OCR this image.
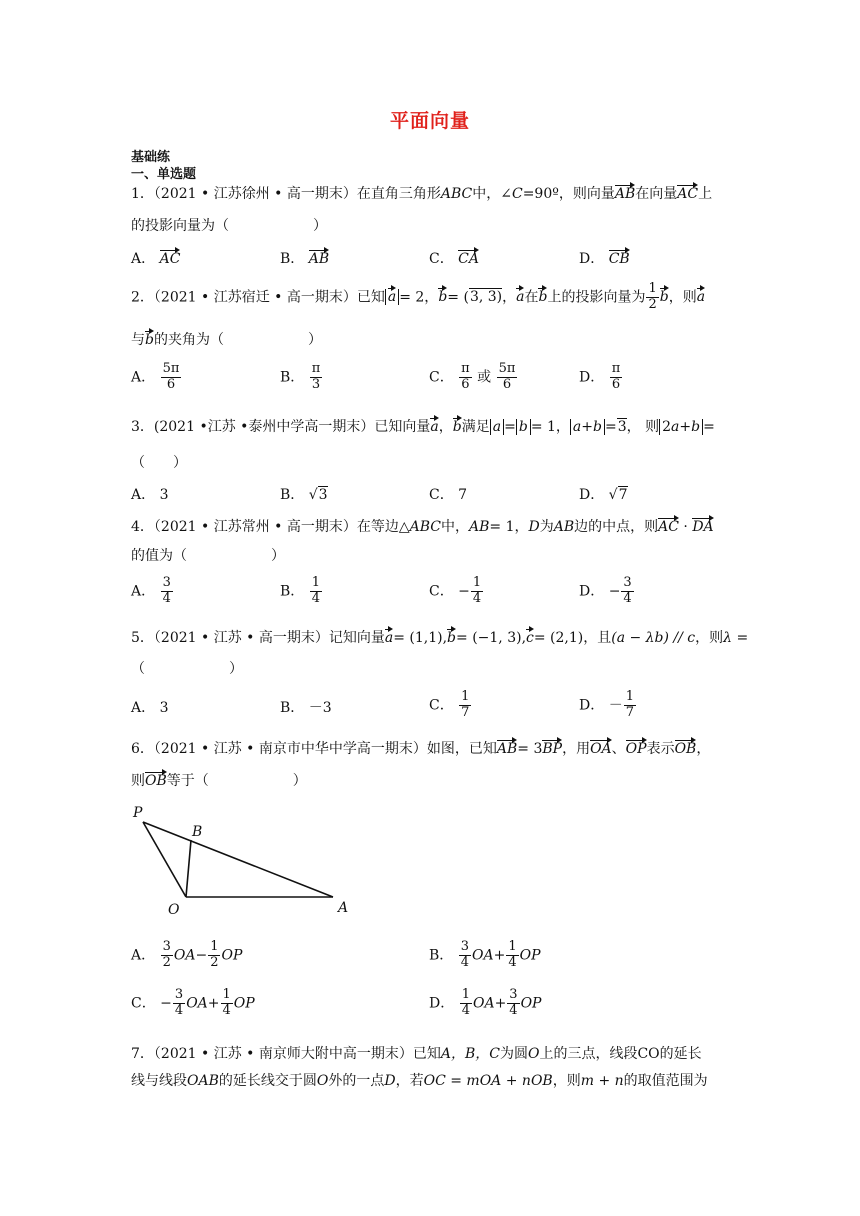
平面向量
基础练
一、单选题
1．（2021 • 江苏徐州 • 高一期末）在直角三角形ABC中，∠C=90º，则向量AB在向量AC上
的投影向量为（　　　　　　）
A． AC	B． AB	C． CA	D． CB
2．（2021 • 江苏宿迁 • 高一期末）已知 a = 2，b= (3, 3)，a在b上的投影向量为 $\frac{1}{2}$ b，则a
与b的夹角为（　　　　　　）
A． $\frac{5\pi}{6}$	B． $\frac{\pi}{3}$	C． $\frac{\pi}{6}$ 或 $\frac{5\pi}{6}$	D． $\frac{\pi}{6}$
3．(2021 •江苏 •泰州中学高一期末）已知向量a，b满足 a = b = 1， a+b =3， 则 2a+b =
（　　）
A． 3	B． √3	C． 7	D． √7
4．（2021 • 江苏常州 • 高一期末）在等边△ABC中，AB= 1，D为AB边的中点，则AC · DA
的值为（　　　　　　）
A． $\frac{3}{4}$	B． $\frac{1}{4}$	C． − $\frac{1}{4}$	D． − $\frac{3}{4}$
5．（2021 • 江苏 • 高一期末）记知向量a= (1,1),b= (−1, 3),c= (2,1)，且(a − λb) // c，则λ =
（　　　　　　）
A． 3	B． －3	C． $\frac{1}{7}$	D． － $\frac{1}{7}$
6．（2021 • 江苏 • 南京市中华中学高一期末）如图，已知AB= 3BP，用OA、OP表示OB，
则OB等于（　　　　　　）
P
B
O	A
A． $\frac{3}{2} OA- \frac{1}{2}$ OP	B． $\frac{3}{4} OA+ \frac{1}{4}$ OP
C． − $\frac{3}{4} OA+ \frac{1}{4}$ OP	D． $\frac{1}{4} OA+ \frac{3}{4}$ OP
7．（2021 • 江苏 • 南京师大附中高一期末）已知A，B，C为圆O上的三点，线段CO的延长
线与线段OAB的延长线交于圆O外的一点D，若OC = mOA + nOB，则m + n的取值范围为
